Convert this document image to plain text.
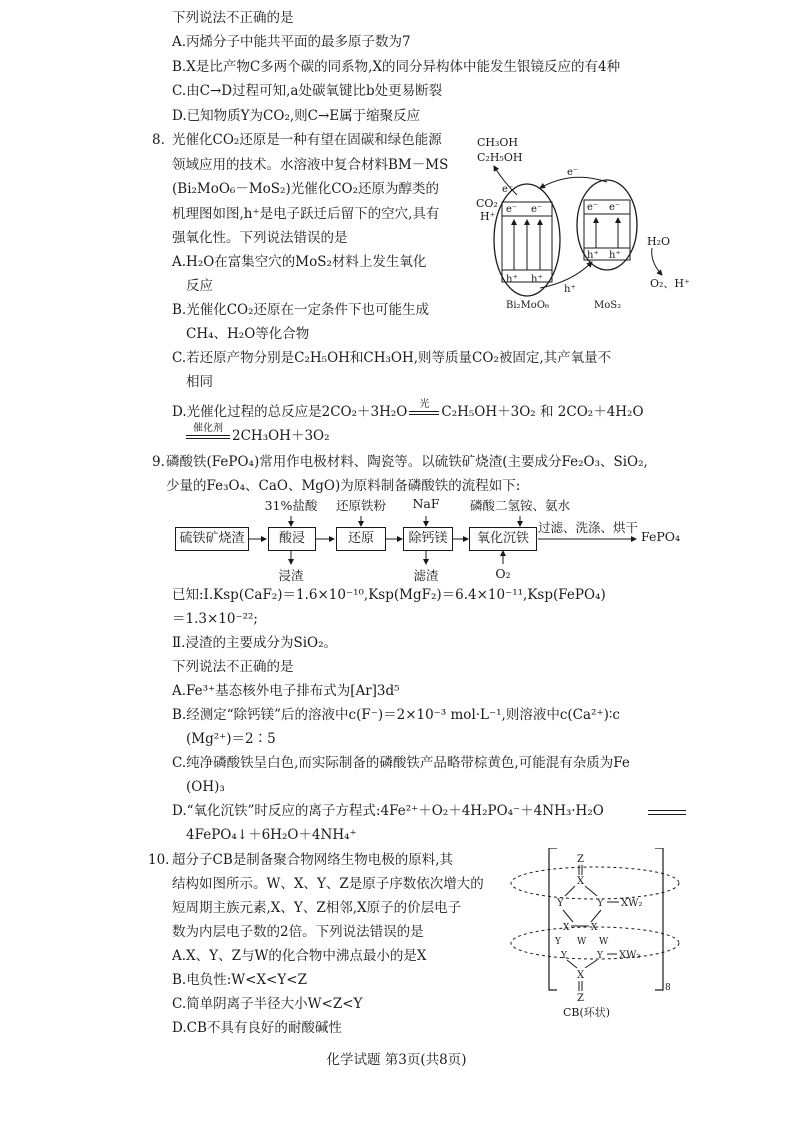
下列说法不正确的是
A.丙烯分子中能共平面的最多原子数为7
B.X是比产物C多两个碳的同系物,X的同分异构体中能发生银镜反应的有4种
C.由C→D过程可知,a处碳氧键比b处更易断裂
D.已知物质Y为CO₂,则C→E属于缩聚反应
8. 光催化CO₂还原是一种有望在固碳和绿色能源
领域应用的技术。水溶液中复合材料BM－MS
(Bi₂MoO₆－MoS₂)光催化CO₂还原为醇类的
机理图如图,h⁺是电子跃迁后留下的空穴,具有
强氧化性。下列说法错误的是
A.H₂O在富集空穴的MoS₂材料上发生氧化
反应
B.光催化CO₂还原在一定条件下也可能生成
CH₄、H₂O等化合物
C.若还原产物分别是C₂H₅OH和CH₃OH,则等质量CO₂被固定,其产氧量不
相同
D.光催化过程的总反应是2CO₂＋3H₂O	光 C₂H₅OH＋3O₂ 和 2CO₂＋4H₂O
催化剂 2CH₃OH＋3O₂
CH₃OH
C₂H₅OH
e⁻
CO₂
H⁺
e⁻ e⁻
h⁺ h⁺
e⁻ e⁻
h⁺ h⁺
e⁻
h⁺
H₂O
O₂、H⁺
Bi₂MoO₆	MoS₂
9. 磷酸铁(FePO₄)常用作电极材料、陶瓷等。以硫铁矿烧渣(主要成分Fe₂O₃、SiO₂,
少量的Fe₃O₄、CaO、MgO)为原料制备磷酸铁的流程如下:
31%盐酸	还原铁粉	NaF	磷酸二氢铵、氨水
硫铁矿烧渣	酸浸	还原	除钙镁	氧化沉铁
过滤、洗涤、烘干
FePO₄
浸渣	滤渣	O₂
已知:Ⅰ.Ksp(CaF₂)＝1.6×10⁻¹⁰,Ksp(MgF₂)＝6.4×10⁻¹¹,Ksp(FePO₄)
＝1.3×10⁻²²;
Ⅱ.浸渣的主要成分为SiO₂。
下列说法不正确的是
A.Fe³⁺基态核外电子排布式为[Ar]3d⁵
B.经测定“除钙镁”后的溶液中c(F⁻)＝2×10⁻³ mol·L⁻¹,则溶液中c(Ca²⁺)∶c
(Mg²⁺)＝2∶5
C.纯净磷酸铁呈白色,而实际制备的磷酸铁产品略带棕黄色,可能混有杂质为Fe
(OH)₃
D.“氧化沉铁”时反应的离子方程式:4Fe²⁺＋O₂＋4H₂PO₄⁻＋4NH₃·H₂O
4FePO₄↓＋6H₂O＋4NH₄⁺
10. 超分子CB是制备聚合物网络生物电极的原料,其
结构如图所示。W、X、Y、Z是原子序数依次增大的
短周期主族元素,X、Y、Z相邻,X原子的价层电子
数为内层电子数的2倍。下列说法错误的是
A.X、Y、Z与W的化合物中沸点最小的是X
B.电负性:W<X<Y<Z
C.简单阴离子半径大小W<Z<Y
D.CB不具有良好的耐酸碱性
8
Z
X
Y	Y XW₂
X X
Y W W
Y	Y XW₂
X
Z
CB(环状)
化学试题 第3页(共8页)
